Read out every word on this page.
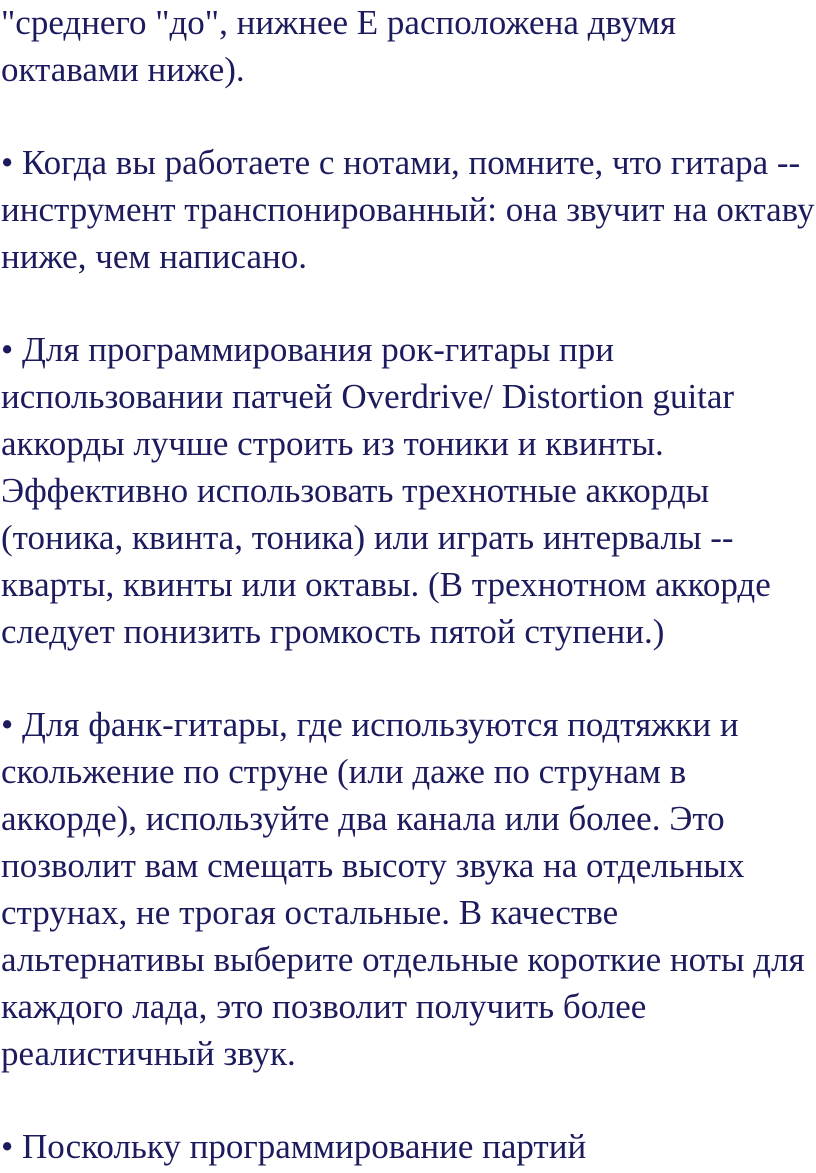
"среднего "до", нижнее Е расположена двумя
октавами ниже).
• Когда вы работаете с нотами, помните, что гитара --
инструмент транспонированный: она звучит на октаву
ниже, чем написано.
• Для программирования рок-гитары при
использовании патчей Overdrive/ Distortion guitar
аккорды лучше строить из тоники и квинты.
Эффективно использовать трехнотные аккорды
(тоника, квинта, тоника) или играть интервалы --
кварты, квинты или октавы. (В трехнотном аккорде
следует понизить громкость пятой ступени.)
• Для фанк-гитары, где используются подтяжки и
скольжение по струне (или даже по струнам в
аккорде), используйте два канала или более. Это
позволит вам смещать высоту звука на отдельных
струнах, не трогая остальные. В качестве
альтернативы выберите отдельные короткие ноты для
каждого лада, это позволит получить более
реалистичный звук.
• Поскольку программирование партий
